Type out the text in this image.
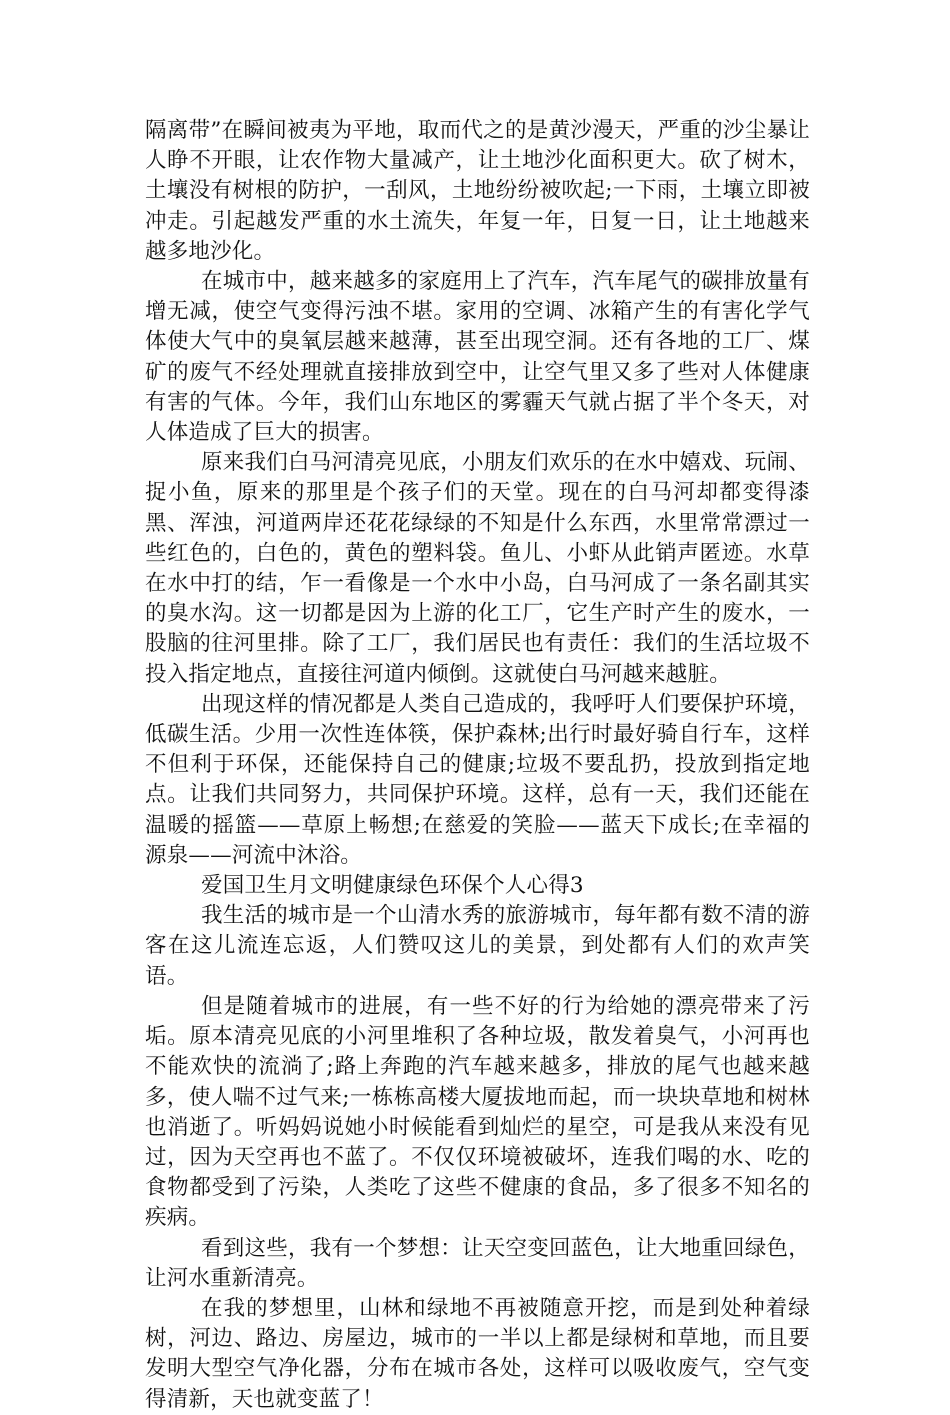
隔离带”在瞬间被夷为平地，取而代之的是黄沙漫天，严重的沙尘暴让人睁不开眼，让农作物大量减产，让土地沙化面积更大。砍了树木，土壤没有树根的防护，一刮风，土地纷纷被吹起;一下雨，土壤立即被冲走。引起越发严重的水土流失，年复一年，日复一日，让土地越来越多地沙化。

在城市中，越来越多的家庭用上了汽车，汽车尾气的碳排放量有增无减，使空气变得污浊不堪。家用的空调、冰箱产生的有害化学气体使大气中的臭氧层越来越薄，甚至出现空洞。还有各地的工厂、煤矿的废气不经处理就直接排放到空中，让空气里又多了些对人体健康有害的气体。今年，我们山东地区的雾霾天气就占据了半个冬天，对人体造成了巨大的损害。

原来我们白马河清亮见底，小朋友们欢乐的在水中嬉戏、玩闹、捉小鱼，原来的那里是个孩子们的天堂。现在的白马河却都变得漆黑、浑浊，河道两岸还花花绿绿的不知是什么东西，水里常常漂过一些红色的，白色的，黄色的塑料袋。鱼儿、小虾从此销声匿迹。水草在水中打的结，乍一看像是一个水中小岛，白马河成了一条名副其实的臭水沟。这一切都是因为上游的化工厂，它生产时产生的废水，一股脑的往河里排。除了工厂，我们居民也有责任：我们的生活垃圾不投入指定地点，直接往河道内倾倒。这就使白马河越来越脏。

出现这样的情况都是人类自己造成的，我呼吁人们要保护环境，低碳生活。少用一次性连体筷，保护森林;出行时最好骑自行车，这样不但利于环保，还能保持自己的健康;垃圾不要乱扔，投放到指定地点。让我们共同努力，共同保护环境。这样，总有一天，我们还能在温暖的摇篮——草原上畅想;在慈爱的笑脸——蓝天下成长;在幸福的源泉——河流中沐浴。

爱国卫生月文明健康绿色环保个人心得3

我生活的城市是一个山清水秀的旅游城市，每年都有数不清的游客在这儿流连忘返，人们赞叹这儿的美景，到处都有人们的欢声笑语。

但是随着城市的进展，有一些不好的行为给她的漂亮带来了污垢。原本清亮见底的小河里堆积了各种垃圾，散发着臭气，小河再也不能欢快的流淌了;路上奔跑的汽车越来越多，排放的尾气也越来越多，使人喘不过气来;一栋栋高楼大厦拔地而起，而一块块草地和树林也消逝了。听妈妈说她小时候能看到灿烂的星空，可是我从来没有见过，因为天空再也不蓝了。不仅仅环境被破坏，连我们喝的水、吃的食物都受到了污染，人类吃了这些不健康的食品，多了很多不知名的疾病。

看到这些，我有一个梦想：让天空变回蓝色，让大地重回绿色，让河水重新清亮。

在我的梦想里，山林和绿地不再被随意开挖，而是到处种着绿树，河边、路边、房屋边，城市的一半以上都是绿树和草地，而且要发明大型空气净化器，分布在城市各处，这样可以吸收废气，空气变得清新，天也就变蓝了！
